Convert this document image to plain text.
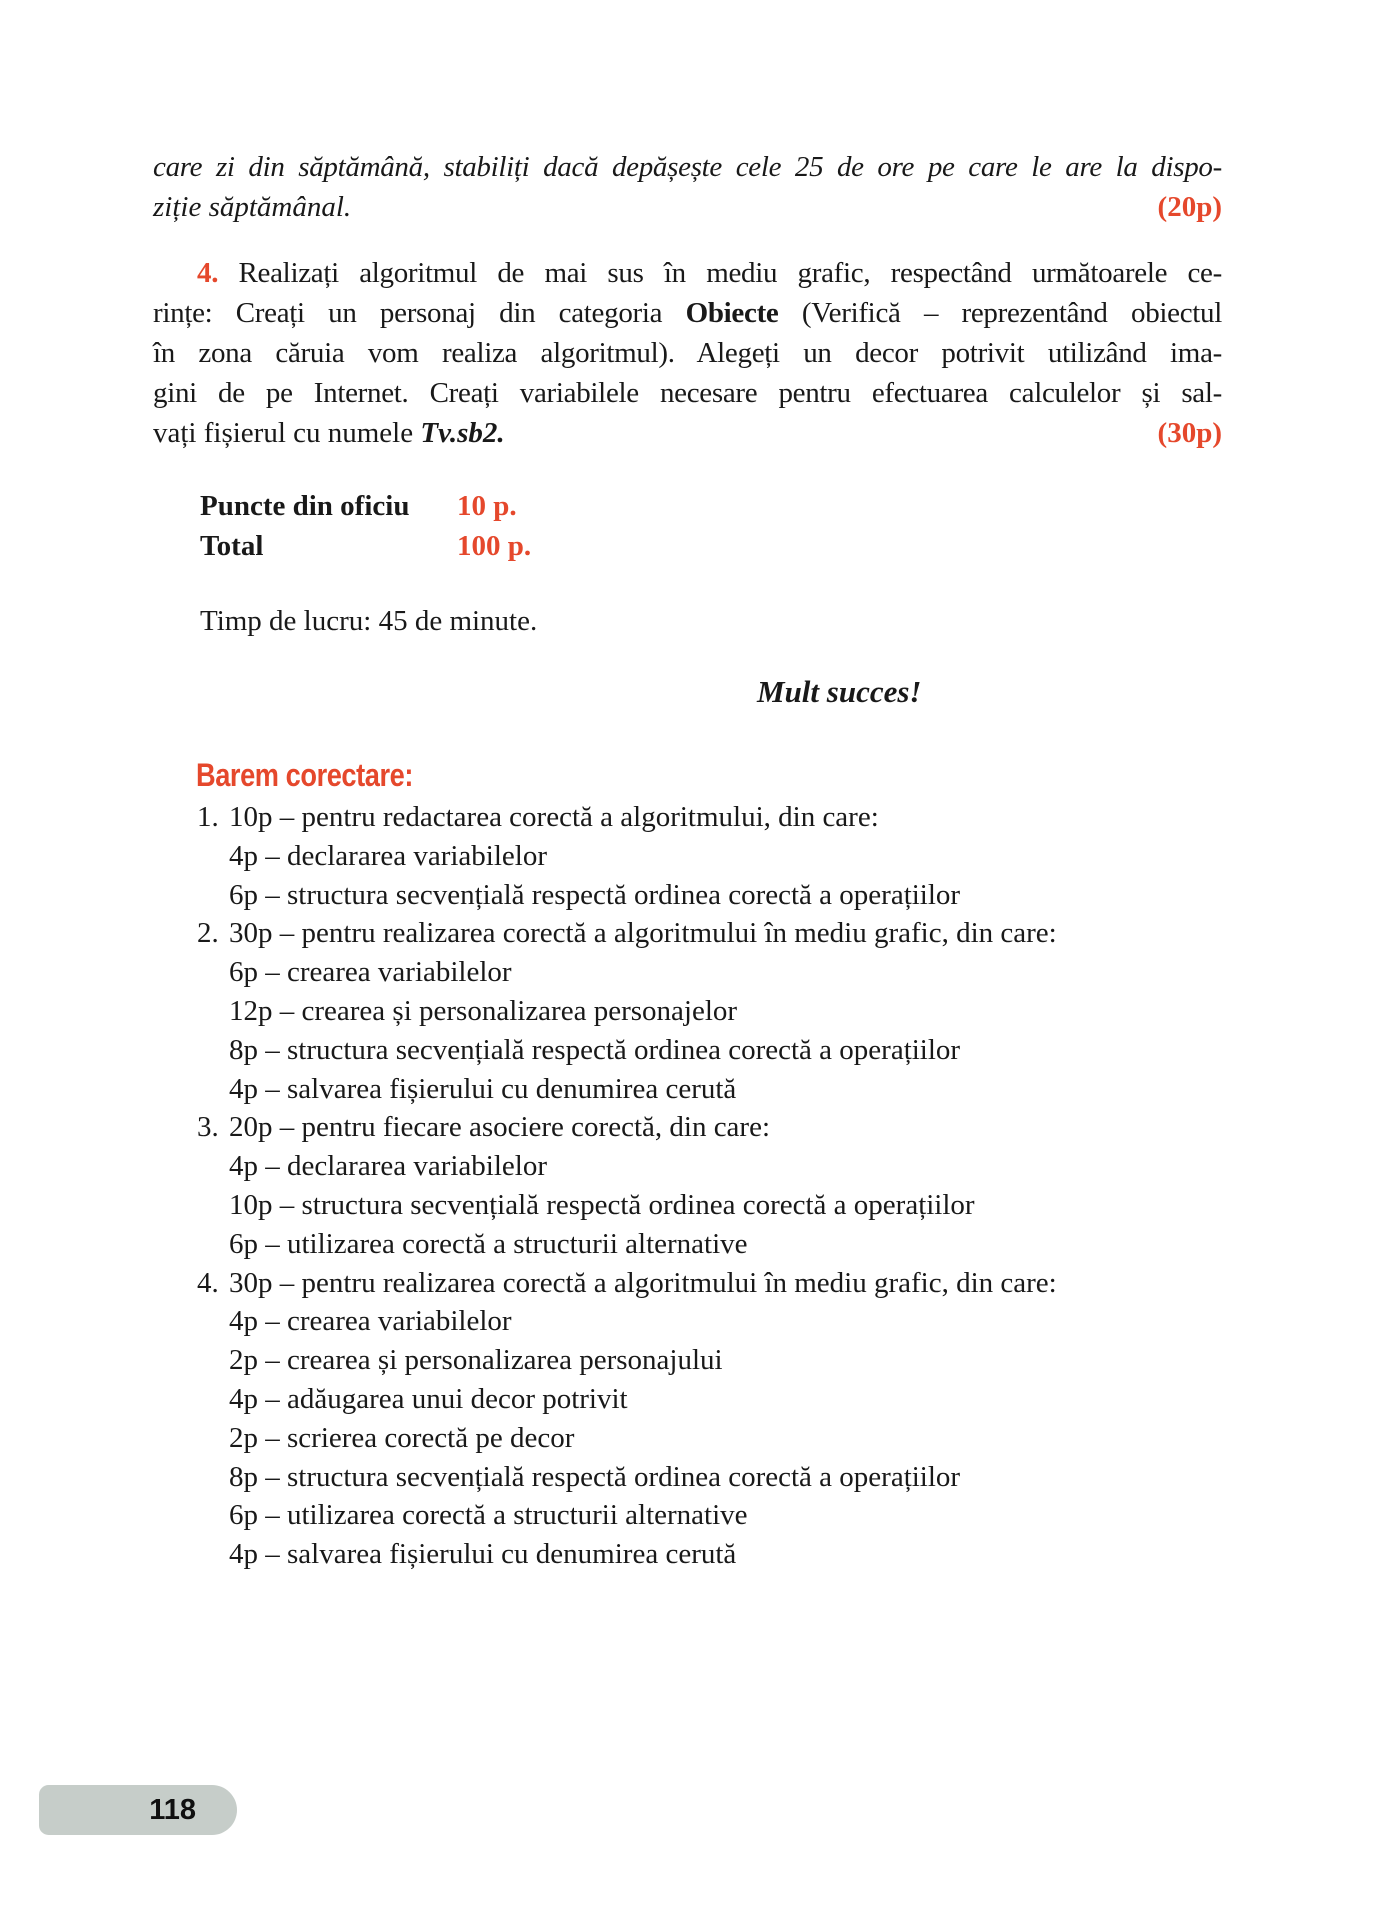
care zi din săptămână, stabiliți dacă depășește cele 25 de ore pe care le are la dispo-
ziție săptămânal.	(20p)
4. Realizați algoritmul de mai sus în mediu grafic, respectând următoarele ce-
rințe: Creați un personaj din categoria Obiecte (Verifică – reprezentând obiectul
în zona căruia vom realiza algoritmul). Alegeți un decor potrivit utilizând ima-
gini de pe Internet. Creați variabilele necesare pentru efectuarea calculelor și sal-
vați fișierul cu numele Tv.sb2.	(30p)
Puncte din oficiu 10 p.
Total	100 p.
Timp de lucru: 45 de minute.
Mult succes!
Barem corectare:
1. 10p – pentru redactarea corectă a algoritmului, din care:
4p – declararea variabilelor
6p – structura secvențială respectă ordinea corectă a operațiilor
2. 30p – pentru realizarea corectă a algoritmului în mediu grafic, din care:
6p – crearea variabilelor
12p – crearea și personalizarea personajelor
8p – structura secvențială respectă ordinea corectă a operațiilor
4p – salvarea fișierului cu denumirea cerută
3. 20p – pentru fiecare asociere corectă, din care:
4p – declararea variabilelor
10p – structura secvențială respectă ordinea corectă a operațiilor
6p – utilizarea corectă a structurii alternative
4. 30p – pentru realizarea corectă a algoritmului în mediu grafic, din care:
4p – crearea variabilelor
2p – crearea și personalizarea personajului
4p – adăugarea unui decor potrivit
2p – scrierea corectă pe decor
8p – structura secvențială respectă ordinea corectă a operațiilor
6p – utilizarea corectă a structurii alternative
4p – salvarea fișierului cu denumirea cerută
118
